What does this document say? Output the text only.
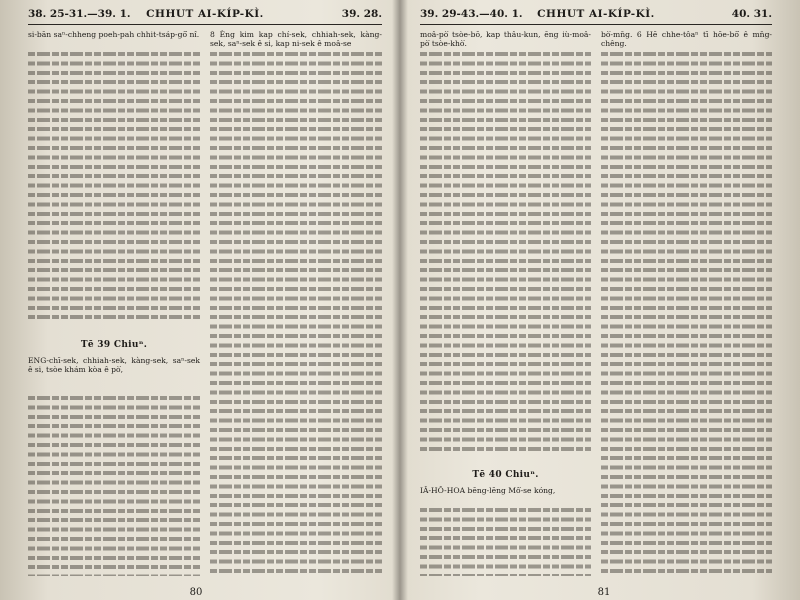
38. 25-31.—39. 1. CHHUT AI-KÍP-KÌ.	39. 28.
si-bān saⁿ-chheng poeh-pah chhit-tsáp-gō͘ nî.
Tē 39 Chiuⁿ.
ENG-chī-sek, chhiah-sek, kàng-sek, saⁿ-sek ê si, tsòe khám kòa ê pò͘,
8 Èng kim kap chí-sek, chhiah-sek, kàng-sek, saⁿ-sek ê si, kap ni-sek ê moâ-se
80
39. 29-43.—40. 1. CHHUT AI-KÍP-KÌ.	40. 31.
moâ-pò͘ tsòe-bō, kap thâu-kun, ēng iù-moâ-pò͘ tsòe-khò͘.
Tē 40 Chiuⁿ.
IÂ-HÔ-HOA bēng-lēng Mô͘-se kóng,
bò͘-mn̄g. 6 Hē chhe-tôaⁿ tī hōe-bō͘ ê mn̄g-chêng.
81
